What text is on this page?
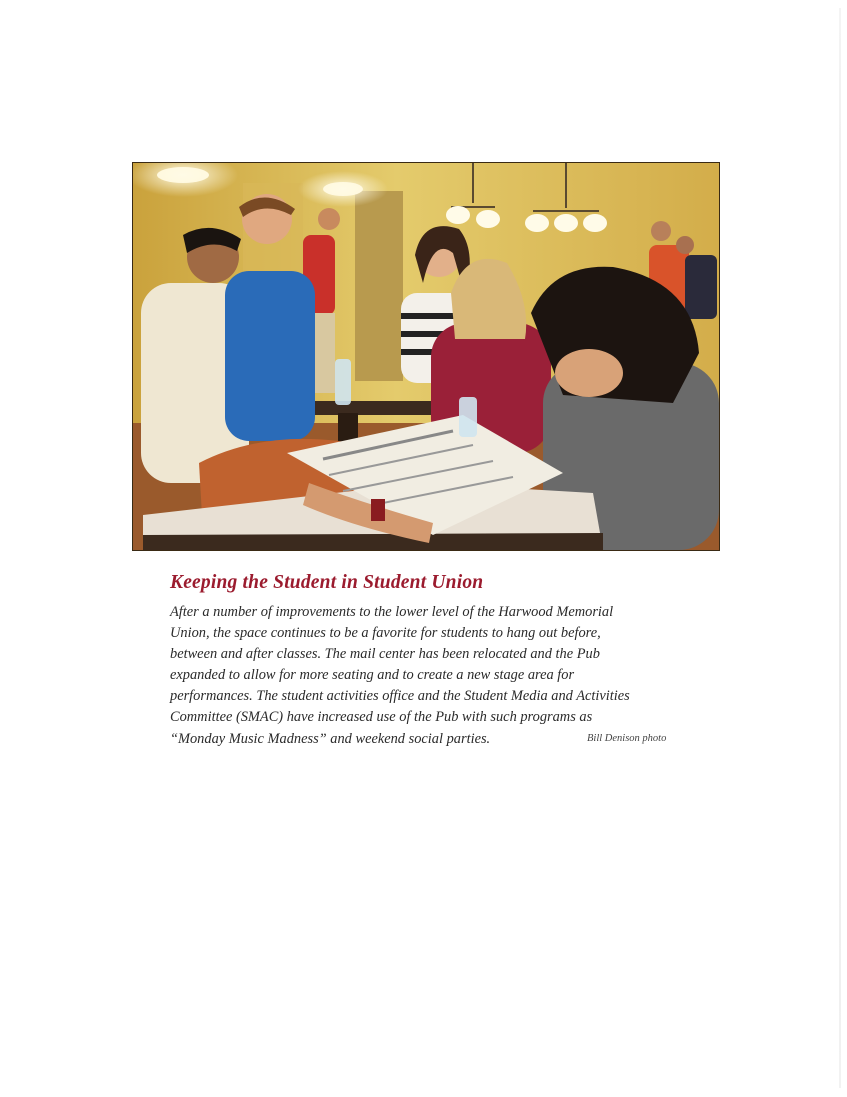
Keeping the Student in Student Union
After a number of improvements to the lower level of the Harwood Memorial
Union, the space continues to be a favorite for students to hang out before,
between and after classes. The mail center has been relocated and the Pub
expanded to allow for more seating and to create a new stage area for
performances. The student activities office and the Student Media and Activities
Committee (SMAC) have increased use of the Pub with such programs as
“Monday Music Madness” and weekend social parties.	Bill Denison photo
